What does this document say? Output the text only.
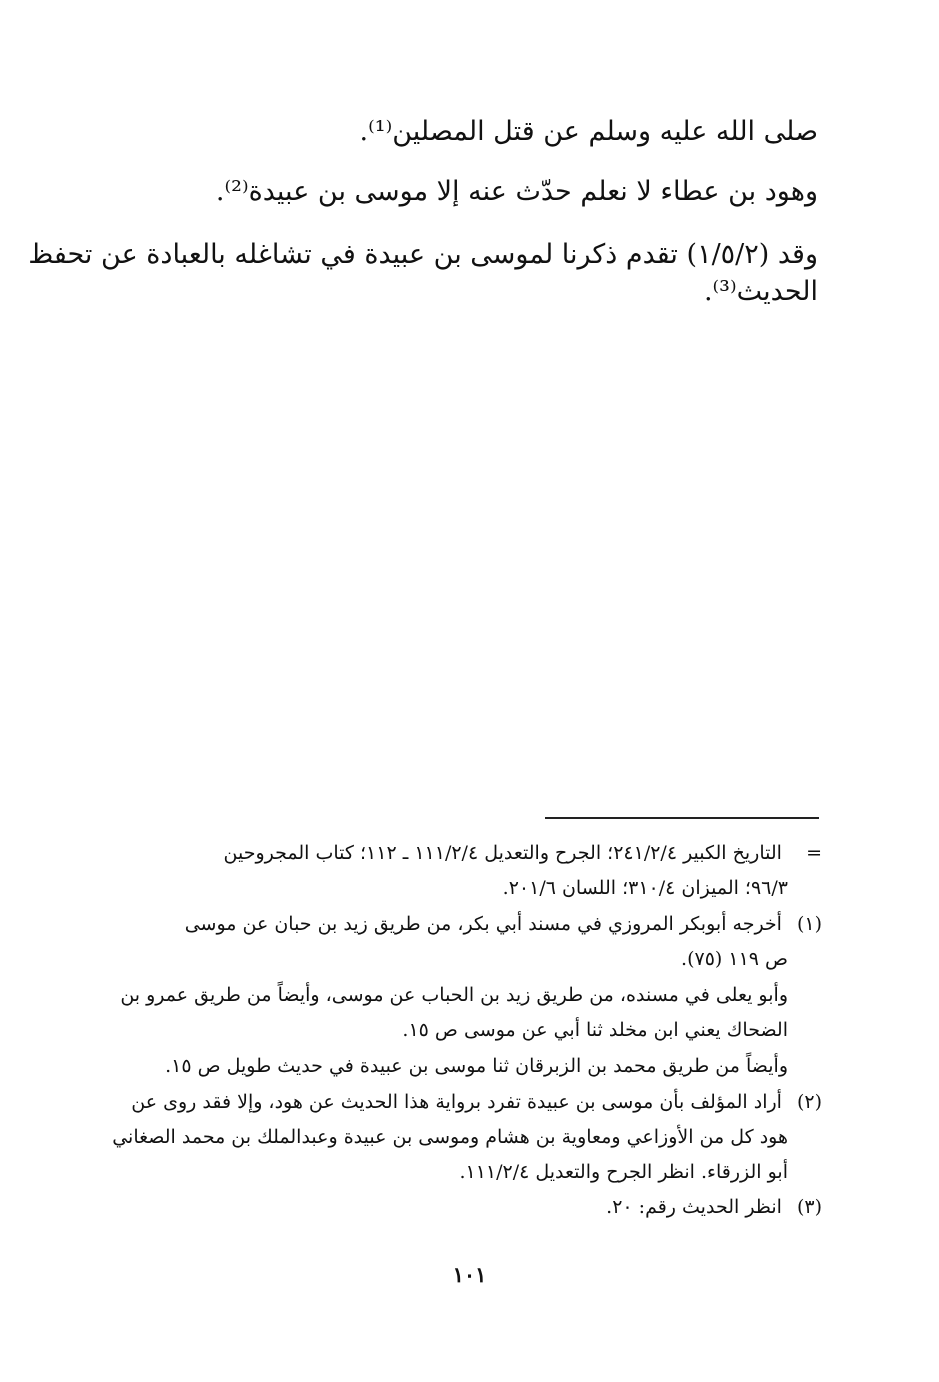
صلى الله عليه وسلم عن قتل المصلين⁽¹⁾.
وهود بن عطاء لا نعلم حدّث عنه إلا موسى بن عبيدة⁽²⁾.
وقد (١/٥/٢) تقدم ذكرنا لموسى بن عبيدة في تشاغله بالعبادة عن تحفظ
الحديث⁽³⁾.
= التاريخ الكبير ٢٤١/٢/٤؛ الجرح والتعديل ١١١/٢/٤ ـ ١١٢؛ كتاب المجروحين
٩٦/٣؛ الميزان ٣١٠/٤؛ اللسان ٢٠١/٦.
(١) أخرجه أبوبكر المروزي في مسند أبي بكر، من طريق زيد بن حبان عن موسى
ص ١١٩ (٧٥).
وأبو يعلى في مسنده، من طريق زيد بن الحباب عن موسى، وأيضاً من طريق عمرو بن
الضحاك يعني ابن مخلد ثنا أبي عن موسى ص ١٥.
وأيضاً من طريق محمد بن الزبرقان ثنا موسى بن عبيدة في حديث طويل ص ١٥.
(٢) أراد المؤلف بأن موسى بن عبيدة تفرد برواية هذا الحديث عن هود، وإلا فقد روى عن
هود كل من الأوزاعي ومعاوية بن هشام وموسى بن عبيدة وعبدالملك بن محمد الصغاني
أبو الزرقاء. انظر الجرح والتعديل ١١١/٢/٤.
(٣) انظر الحديث رقم: ٢٠.
١٠١
